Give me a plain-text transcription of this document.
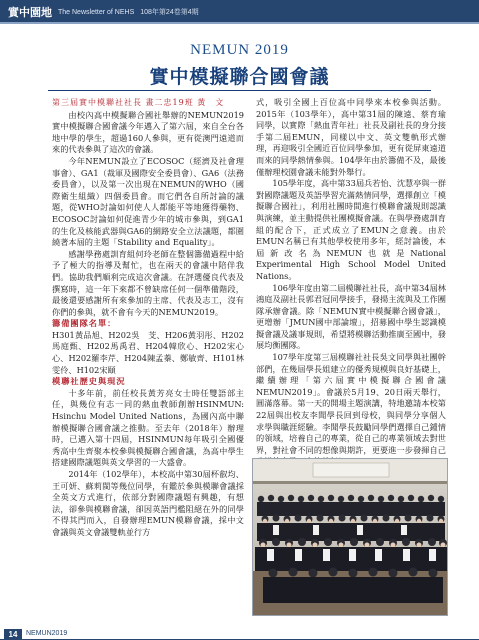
實中園地 The Newsletter of NEHS 108年第24卷第4期
NEMUN 2019
實中模擬聯合國會議
第三屆實中模聯社社長 畫二忠19班 黃　文

由校內高中模擬聯合國社舉辦的NEMUN2019實中模擬聯合國會議今年邁入了第六屆，來自全台各地中學的學生，超過160人參與，更有從澳門遠道而來的代表參與了這次的會議。

今年NEMUN設立了ECOSOC（經濟及社會理事會）、GA1（裁軍及國際安全委員會）、GA6（法務委員會），以及第一次出現在NEMUN的WHO（國際衛生組織）四個委員會。而它們各自所討論的議題，從WHO討論如何使人人都能平等地獲得藥物、ECOSOC討論如何促進青少年的城市參與，到GA1的生化及核能武器與GA6的網路安全立法議題，都圍繞著本屆的主題「Stability and Equality」。

感謝學務處訓育組何玲老師在整個籌備過程中給予了極大的指導及幫忙，也在兩天的會議中陪伴我們。協助我們順利完成這次會議。在評選優良代表及撰寫時，這一年下來都不曾缺席任何一個準備階段，最後還要感謝所有來參加的主席、代表及志工，沒有你們的參與，就不會有今天的NEMUN2019。

籌備團隊名單：

H301黃品旭、H202吳　芠、H206黃羽彤、H202馬庭甄、H202馬禹君、H204韓欣心、H202宋心心、H202羅李芹、H204陳孟蓁、鄭敏齊、H101林雯伶、H102宋頤

模聯社歷史與現況

十多年前，前任校長黃芳亮女士時任雙語部主任，與幾位有志一同的熱血教師創辦HSINMUN: Hsinchu Model United Nations，為國內高中聯辦模擬聯合國會議之推動。至去年（2018年）辦理時，已邁入第十四屆，HSINMUN每年吸引全國優秀高中生齊聚本校參與模擬聯合國會議，為高中學生搭建國際議題與英文學習的一大盛會。

2014年（102學年），本校高中第30屆杯叡均、王可妍、蘇莉閩等幾位同學，有鑑於參與模聯會議採全英文方式進行，依部分對國際議題有興趣，有想法，卻參與模聯會議，卻因英語門檻阻絕在外的同學不得其門而入，自發辦理EMUN模聯會議，採中文會議與英文會議雙軌並行方

式，吸引全國上百位高中同學來本校參與活動。2015年（103學年），高中第31屆的陳遠、蔡育瑜同學，以實際「熱血青年社」社長及副社長的身分接手第二屆EMUN，同樣以中文、英文雙軌形式辦理，再迎吸引全國近百位同學參加，更有從屏東遠道而來的同學熱情參與。104學年由於籌備不及，最後僅辦理校園會議未能對外舉行。

105學年度，高中第33屆兵若怡、沈慧亭與一群對國際議題及英語學習充滿熱情同學，選擇創立「模擬聯合國社」，利用社團時間進行模聯會議規則認識與演練，並主動提供社團模擬會議。在與學務處訓育組的配合下，正式成立了EMUN之意義。由於EMUN名稱已有其他學校使用多年，經討論後，本屆新改名為NEMUN也就是National Experimental High School Model United Nations。

106學年度由第二屆模聯社社長，高中第34屆林鴻庭及副社長郭君冠同學接手，發揚主流與及工作團隊承辦會議。除「NEMUN實中模擬聯合國會議」，更增辦「JMUN國中部論壇」，招募國中學生認識模擬會議及議事規則，希望將模聯活動推廣至國中，發展均衡團隊。

107學年度第三屆模聯社社長吳文同學與社團幹部們，在幾屆學長姐建立的優秀規模與良好基礎上，繼續辦理「第六屆實中模擬聯合國會議NEMUN2019」。會議於5月19、20日兩天舉行，圓滿落幕。第一天的開場主題演講，特地邀請本校第22屆與出校友李聞學長回到母校，與同學分享個人求學與職涯經驗。李聞學長鼓勵同學們選擇自己鍾情的領域，培養自己的專業，從自己的專業領域去對世界，對社會不同的想像與期許，更要進一步發揮自己

14	NEMUN2019
